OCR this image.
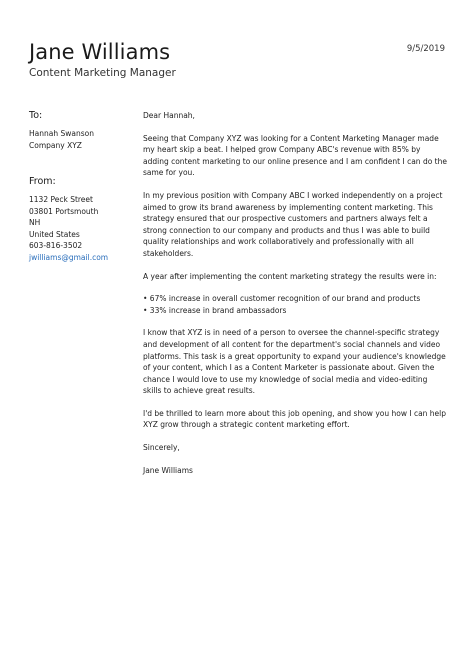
Jane Williams
Content Marketing Manager
9/5/2019
To:
Hannah Swanson
Company XYZ
From:
1132 Peck Street
03801 Portsmouth
NH
United States
603-816-3502
jwilliams@gmail.com

Dear Hannah,

Seeing that Company XYZ was looking for a Content Marketing Manager made my heart skip a beat. I helped grow Company ABC's revenue with 85% by adding content marketing to our online presence and I am confident I can do the same for you.

In my previous position with Company ABC I worked independently on a project aimed to grow its brand awareness by implementing content marketing. This strategy ensured that our prospective customers and partners always felt a strong connection to our company and products and thus I was able to build quality relationships and work collaboratively and professionally with all stakeholders.

A year after implementing the content marketing strategy the results were in:

• 67% increase in overall customer recognition of our brand and products
• 33% increase in brand ambassadors

I know that XYZ is in need of a person to oversee the channel-specific strategy and development of all content for the department's social channels and video platforms. This task is a great opportunity to expand your audience's knowledge of your content, which I as a Content Marketer is passionate about. Given the chance I would love to use my knowledge of social media and video-editing skills to achieve great results.

I'd be thrilled to learn more about this job opening, and show you how I can help XYZ grow through a strategic content marketing effort.

Sincerely,

Jane Williams
